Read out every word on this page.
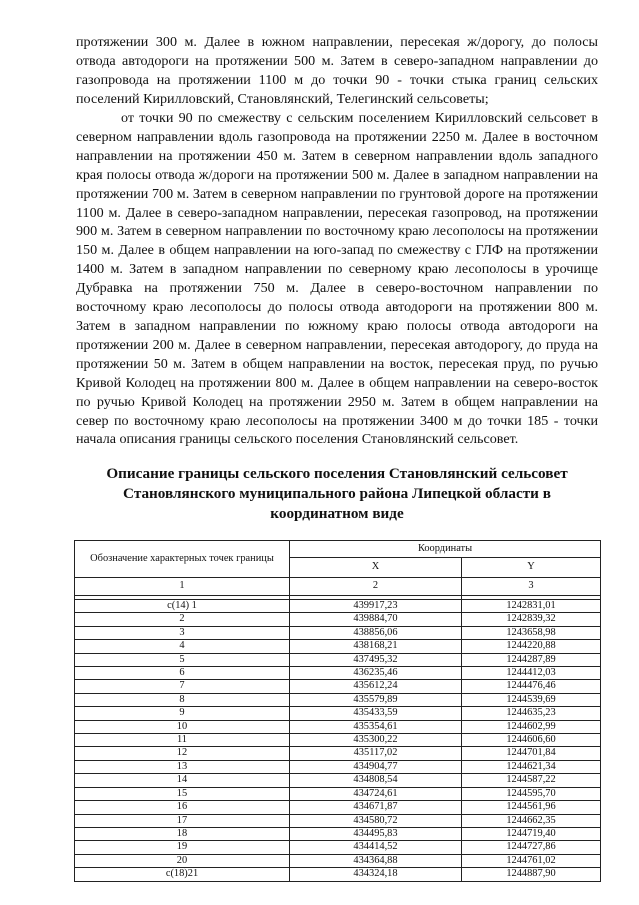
протяжении 300 м. Далее в южном направлении, пересекая ж/дорогу, до полосы отвода автодороги на протяжении 500 м. Затем в северо-западном направлении до газопровода на протяжении 1100 м до точки 90 - точки стыка границ сельских поселений Кирилловский, Становлянский, Телегинский сельсоветы;

от точки 90 по смежеству с сельским поселением Кирилловский сельсовет в северном направлении вдоль газопровода на протяжении 2250 м. Далее в восточном направлении на протяжении 450 м. Затем в северном направлении вдоль западного края полосы отвода ж/дороги на протяжении 500 м. Далее в западном направлении на протяжении 700 м. Затем в северном направлении по грунтовой дороге на протяжении 1100 м. Далее в северо-западном направлении, пересекая газопровод, на протяжении 900 м. Затем в северном направлении по восточному краю лесополосы на протяжении 150 м. Далее в общем направлении на юго-запад по смежеству с ГЛФ на протяжении 1400 м. Затем в западном направлении по северному краю лесополосы в урочище Дубравка на протяжении 750 м. Далее в северо-восточном направлении по восточному краю лесополосы до полосы отвода автодороги на протяжении 800 м. Затем в западном направлении по южному краю полосы отвода автодороги на протяжении 200 м. Далее в северном направлении, пересекая автодорогу, до пруда на протяжении 50 м. Затем в общем направлении на восток, пересекая пруд, по ручью Кривой Колодец на протяжении 800 м. Далее в общем направлении на северо-восток по ручью Кривой Колодец на протяжении 2950 м. Затем в общем направлении на север по восточному краю лесополосы на протяжении 3400 м до точки 185 - точки начала описания границы сельского поселения Становлянский сельсовет.

Описание границы сельского поселения Становлянский сельсовет
Становлянского муниципального района Липецкой области в
координатном виде
Обозначение характерных точек границы	Координаты	
	X	Y
1	2	3

c(14) 1	439917,23	1242831,01
2	439884,70	1242839,32
3	438856,06	1243658,98
4	438168,21	1244220,88
5	437495,32	1244287,89
6	436235,46	1244412,03
7	435612,24	1244476,46
8	435579,89	1244539,69
9	435433,59	1244635,23
10	435354,61	1244602,99
11	435300,22	1244606,60
12	435117,02	1244701,84
13	434904,77	1244621,34
14	434808,54	1244587,22
15	434724,61	1244595,70
16	434671,87	1244561,96
17	434580,72	1244662,35
18	434495,83	1244719,40
19	434414,52	1244727,86
20	434364,88	1244761,02
с(18)21	434324,18	1244887,90
